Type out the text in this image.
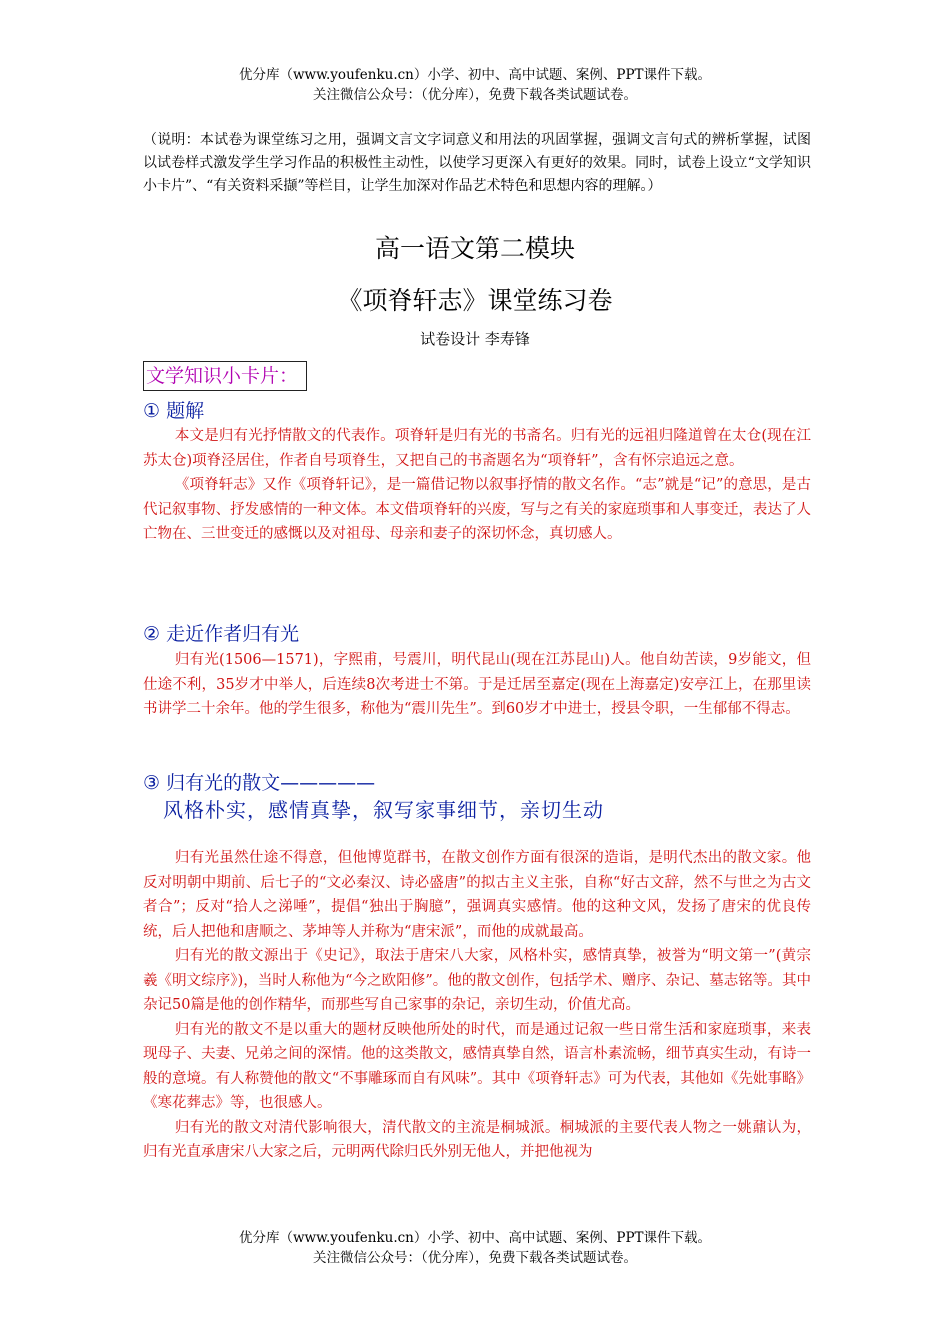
优分库（www.youfenku.cn）小学、初中、高中试题、案例、PPT课件下载。
关注微信公众号：（优分库），免费下载各类试题试卷。
（说明：本试卷为课堂练习之用，强调文言文字词意义和用法的巩固掌握，强调文言句式的辨析掌握，试图以试卷样式激发学生学习作品的积极性主动性，以使学习更深入有更好的效果。同时，试卷上设立“文学知识小卡片”、“有关资料采撷”等栏目，让学生加深对作品艺术特色和思想内容的理解。）
高一语文第二模块
《项脊轩志》课堂练习卷
试卷设计 李寿锋
文学知识小卡片：
① 题解

本文是归有光抒情散文的代表作。项脊轩是归有光的书斋名。归有光的远祖归隆道曾在太仓(现在江苏太仓)项脊泾居住，作者自号项脊生，又把自己的书斋题名为“项脊轩”，含有怀宗追远之意。

《项脊轩志》又作《项脊轩记》，是一篇借记物以叙事抒情的散文名作。“志”就是“记”的意思，是古代记叙事物、抒发感情的一种文体。本文借项脊轩的兴废，写与之有关的家庭琐事和人事变迁，表达了人亡物在、三世变迁的感慨以及对祖母、母亲和妻子的深切怀念，真切感人。

② 走近作者归有光

归有光(1506—1571)，字熙甫，号震川，明代昆山(现在江苏昆山)人。他自幼苦读，9岁能文，但仕途不利，35岁才中举人，后连续8次考进士不第。于是迁居至嘉定(现在上海嘉定)安亭江上，在那里读书讲学二十余年。他的学生很多，称他为“震川先生”。到60岁才中进士，授县令职，一生郁郁不得志。

③ 归有光的散文—————
风格朴实，感情真挚，叙写家事细节，亲切生动

归有光虽然仕途不得意，但他博览群书，在散文创作方面有很深的造诣，是明代杰出的散文家。他反对明朝中期前、后七子的“文必秦汉、诗必盛唐”的拟古主义主张，自称“好古文辞，然不与世之为古文者合”；反对“拾人之涕唾”，提倡“独出于胸臆”，强调真实感情。他的这种文风，发扬了唐宋的优良传统，后人把他和唐顺之、茅坤等人并称为“唐宋派”，而他的成就最高。

归有光的散文源出于《史记》，取法于唐宋八大家，风格朴实，感情真挚，被誉为“明文第一”(黄宗羲《明文综序》)，当时人称他为“今之欧阳修”。他的散文创作，包括学术、赠序、杂记、墓志铭等。其中杂记50篇是他的创作精华，而那些写自己家事的杂记，亲切生动，价值尤高。

归有光的散文不是以重大的题材反映他所处的时代，而是通过记叙一些日常生活和家庭琐事，来表现母子、夫妻、兄弟之间的深情。他的这类散文，感情真挚自然，语言朴素流畅，细节真实生动，有诗一般的意境。有人称赞他的散文“不事雕琢而自有风味”。其中《项脊轩志》可为代表，其他如《先妣事略》《寒花葬志》等，也很感人。

归有光的散文对清代影响很大，清代散文的主流是桐城派。桐城派的主要代表人物之一姚鼐认为，归有光直承唐宋八大家之后，元明两代除归氏外别无他人，并把他视为

优分库（www.youfenku.cn）小学、初中、高中试题、案例、PPT课件下载。
关注微信公众号：（优分库），免费下载各类试题试卷。
